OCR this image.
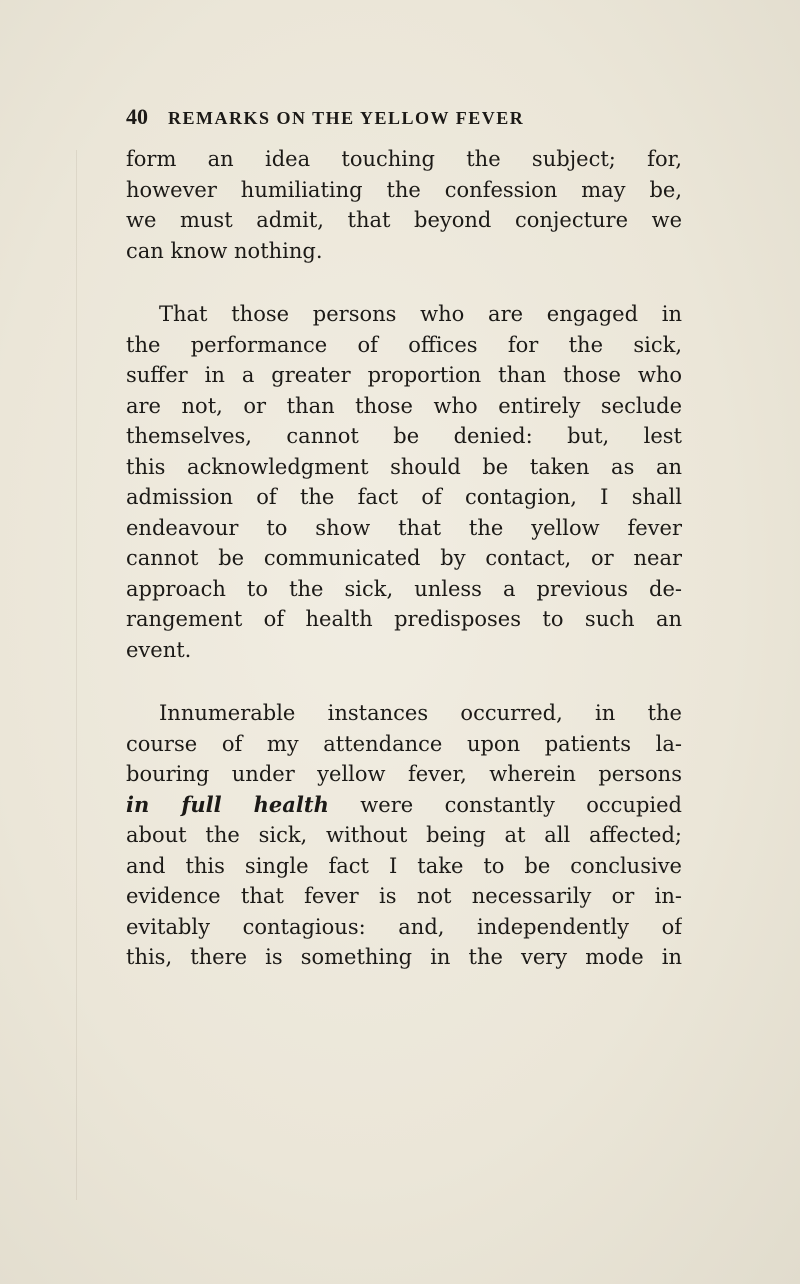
40 REMARKS ON THE YELLOW FEVER
form an idea touching the subject; for,
however humiliating the confession may be,
we must admit, that beyond conjecture we
can know nothing.
That those persons who are engaged in
the performance of offices for the sick,
suffer in a greater proportion than those who
are not, or than those who entirely seclude
themselves, cannot be denied: but, lest
this acknowledgment should be taken as an
admission of the fact of contagion, I shall
endeavour to show that the yellow fever
cannot be communicated by contact, or near
approach to the sick, unless a previous de-
rangement of health predisposes to such an
event.
Innumerable instances occurred, in the
course of my attendance upon patients la-
bouring under yellow fever, wherein persons
in full health were constantly occupied
about the sick, without being at all affected;
and this single fact I take to be conclusive
evidence that fever is not necessarily or in-
evitably contagious: and, independently of
this, there is something in the very mode in
